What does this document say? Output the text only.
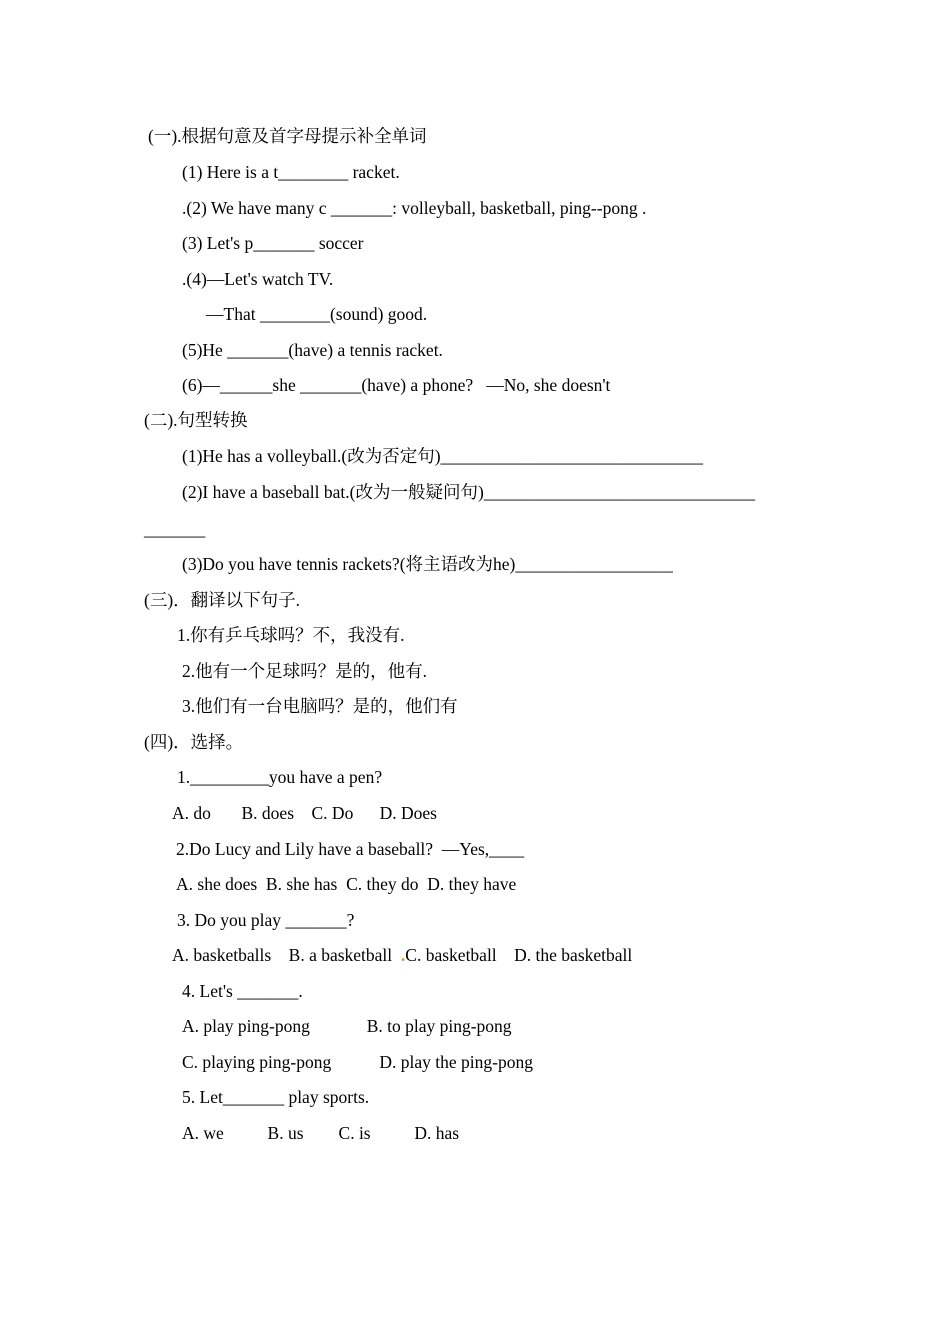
(一).根据句意及首字母提示补全单词
(1) Here is a t________ racket.
.(2) We have many c _______: volleyball, basketball, ping--pong .
(3) Let's p_______ soccer
.(4)—Let's watch TV.
—That ________(sound) good.
(5)He _______(have) a tennis racket.
(6)—______she _______(have) a phone?   —No, she doesn't
(二).句型转换
(1)He has a volleyball.(改为否定句)______________________________
(2)I have a baseball bat.(改为一般疑问句)_______________________________
_______
(3)Do you have tennis rackets?(将主语改为he)__________________
(三)．翻译以下句子.
1.你有乒乓球吗？不，我没有.
2.他有一个足球吗？是的，他有.
3.他们有一台电脑吗？是的，他们有
(四)．选择。
1._________you have a pen?
A. do       B. does    C. Do      D. Does
2.Do Lucy and Lily have a baseball?  —Yes,____
A. she does  B. she has  C. they do  D. they have
3. Do you play _______?
A. basketballs    B. a basketball  .C. basketball    D. the basketball
4. Let's _______.
A. play ping-pong             B. to play ping-pong
C. playing ping-pong           D. play the ping-pong
5. Let_______ play sports.
A. we          B. us        C. is          D. has
